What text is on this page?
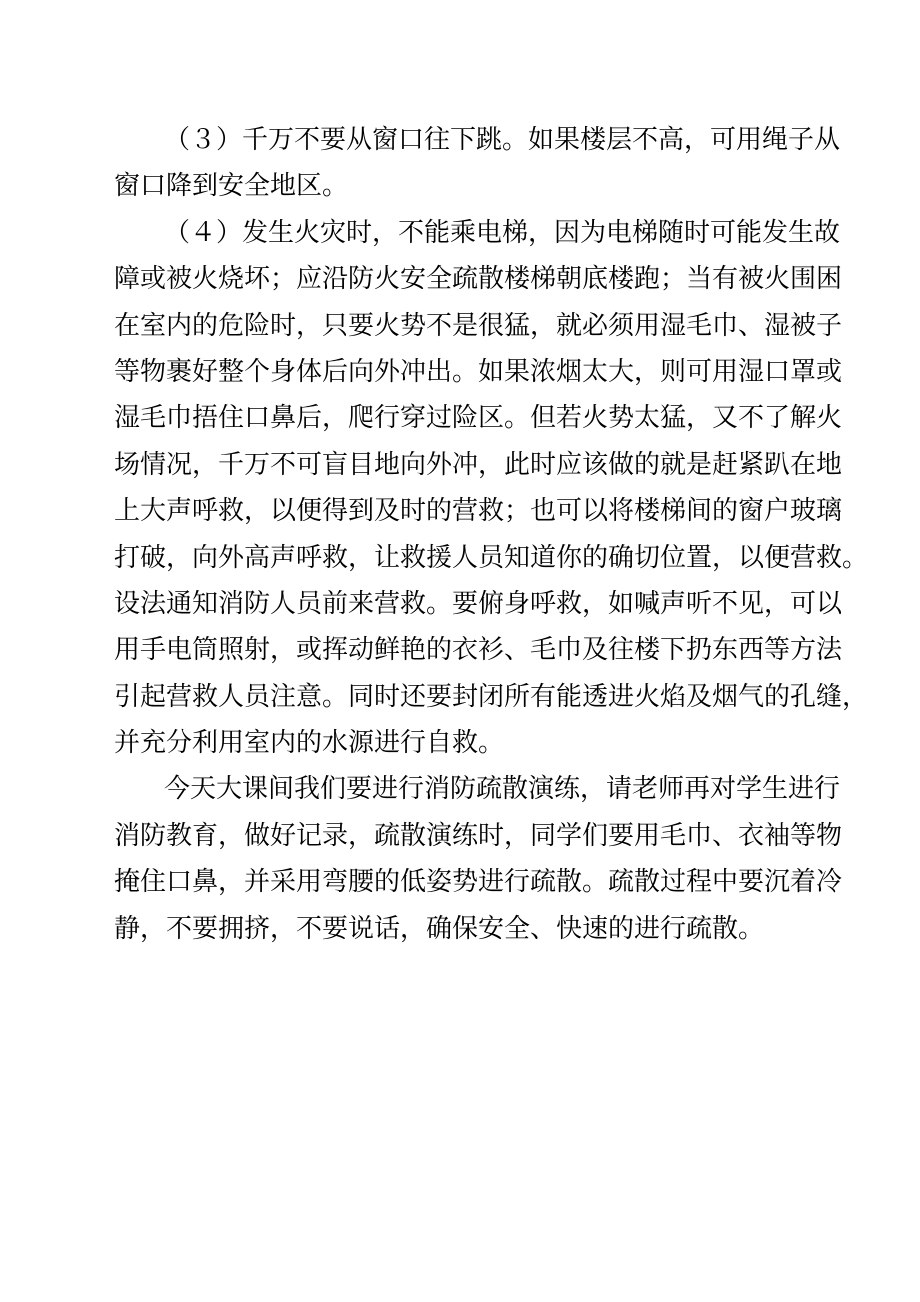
（３）千万不要从窗口往下跳。如果楼层不高，可用绳子从
窗口降到安全地区。
（４）发生火灾时，不能乘电梯，因为电梯随时可能发生故
障或被火烧坏；应沿防火安全疏散楼梯朝底楼跑；当有被火围困
在室内的危险时，只要火势不是很猛，就必须用湿毛巾、湿被子
等物裹好整个身体后向外冲出。如果浓烟太大，则可用湿口罩或
湿毛巾捂住口鼻后，爬行穿过险区。但若火势太猛，又不了解火
场情况，千万不可盲目地向外冲，此时应该做的就是赶紧趴在地
上大声呼救，以便得到及时的营救；也可以将楼梯间的窗户玻璃
打破，向外高声呼救，让救援人员知道你的确切位置，以便营救。
设法通知消防人员前来营救。要俯身呼救，如喊声听不见，可以
用手电筒照射，或挥动鲜艳的衣衫、毛巾及往楼下扔东西等方法
引起营救人员注意。同时还要封闭所有能透进火焰及烟气的孔缝，
并充分利用室内的水源进行自救。
今天大课间我们要进行消防疏散演练，请老师再对学生进行
消防教育，做好记录，疏散演练时，同学们要用毛巾、衣袖等物
掩住口鼻，并采用弯腰的低姿势进行疏散。疏散过程中要沉着冷
静，不要拥挤，不要说话，确保安全、快速的进行疏散。
